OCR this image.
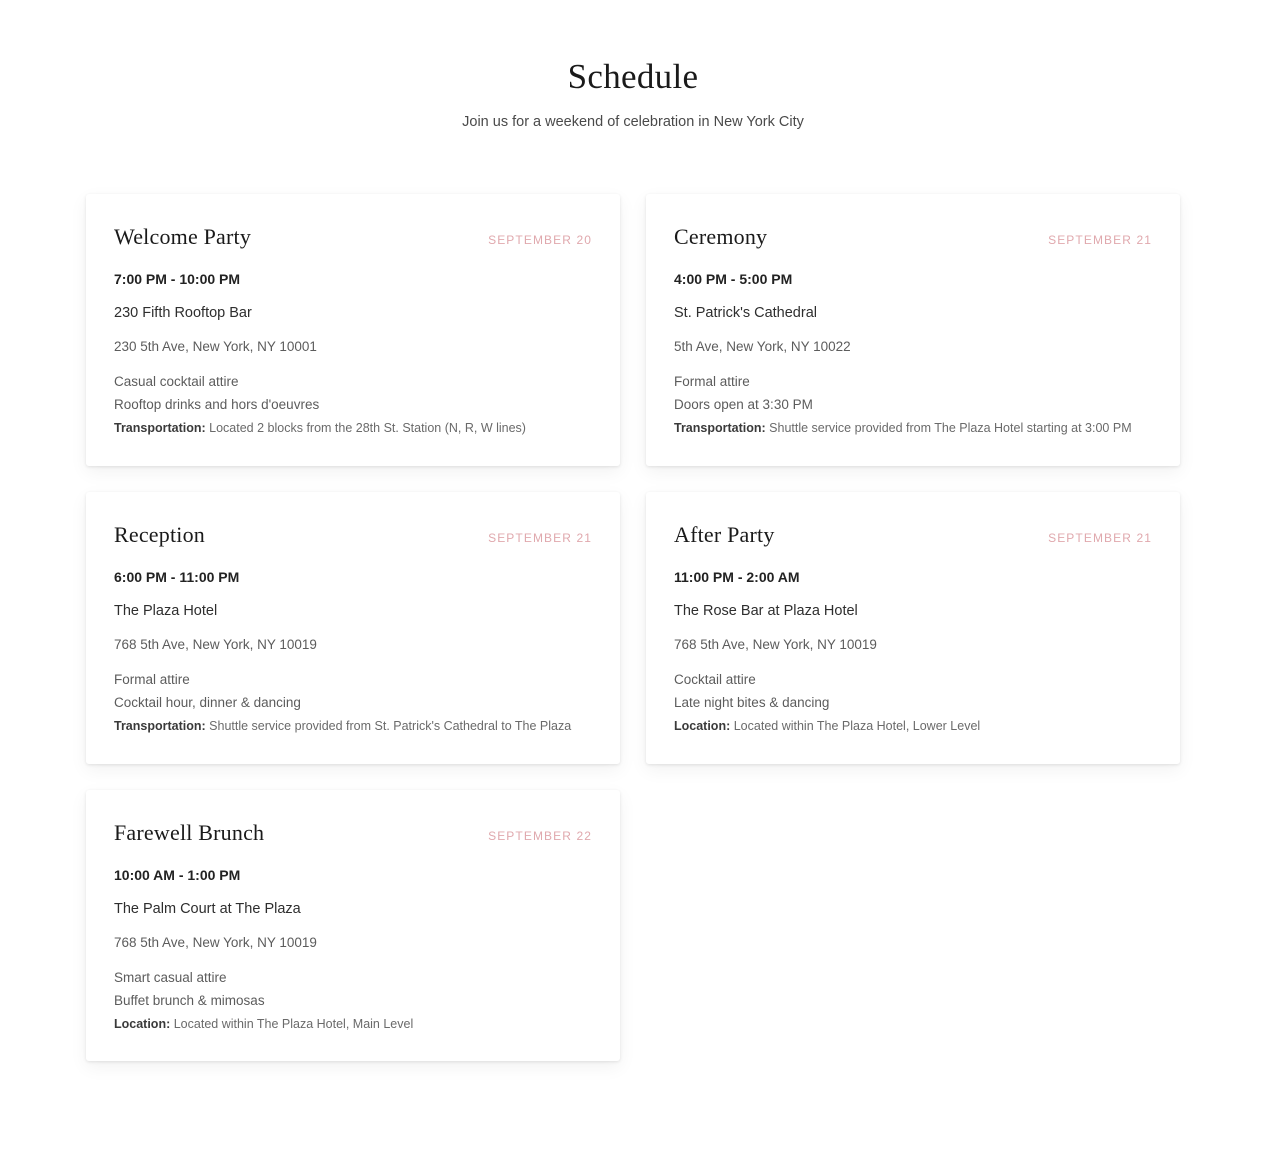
Schedule

Join us for a weekend of celebration in New York City

Welcome Party	SEPTEMBER 20
7:00 PM - 10:00 PM
230 Fifth Rooftop Bar
230 5th Ave, New York, NY 10001
Casual cocktail attire
Rooftop drinks and hors d'oeuvres
Transportation: Located 2 blocks from the 28th St. Station (N, R, W lines)
Ceremony	SEPTEMBER 21
4:00 PM - 5:00 PM
St. Patrick's Cathedral
5th Ave, New York, NY 10022
Formal attire
Doors open at 3:30 PM
Transportation: Shuttle service provided from The Plaza Hotel starting at 3:00 PM
Reception	SEPTEMBER 21
6:00 PM - 11:00 PM
The Plaza Hotel
768 5th Ave, New York, NY 10019
Formal attire
Cocktail hour, dinner & dancing
Transportation: Shuttle service provided from St. Patrick's Cathedral to The Plaza
After Party	SEPTEMBER 21
11:00 PM - 2:00 AM
The Rose Bar at Plaza Hotel
768 5th Ave, New York, NY 10019
Cocktail attire
Late night bites & dancing
Location: Located within The Plaza Hotel, Lower Level
Farewell Brunch	SEPTEMBER 22
10:00 AM - 1:00 PM
The Palm Court at The Plaza
768 5th Ave, New York, NY 10019
Smart casual attire
Buffet brunch & mimosas
Location: Located within The Plaza Hotel, Main Level
